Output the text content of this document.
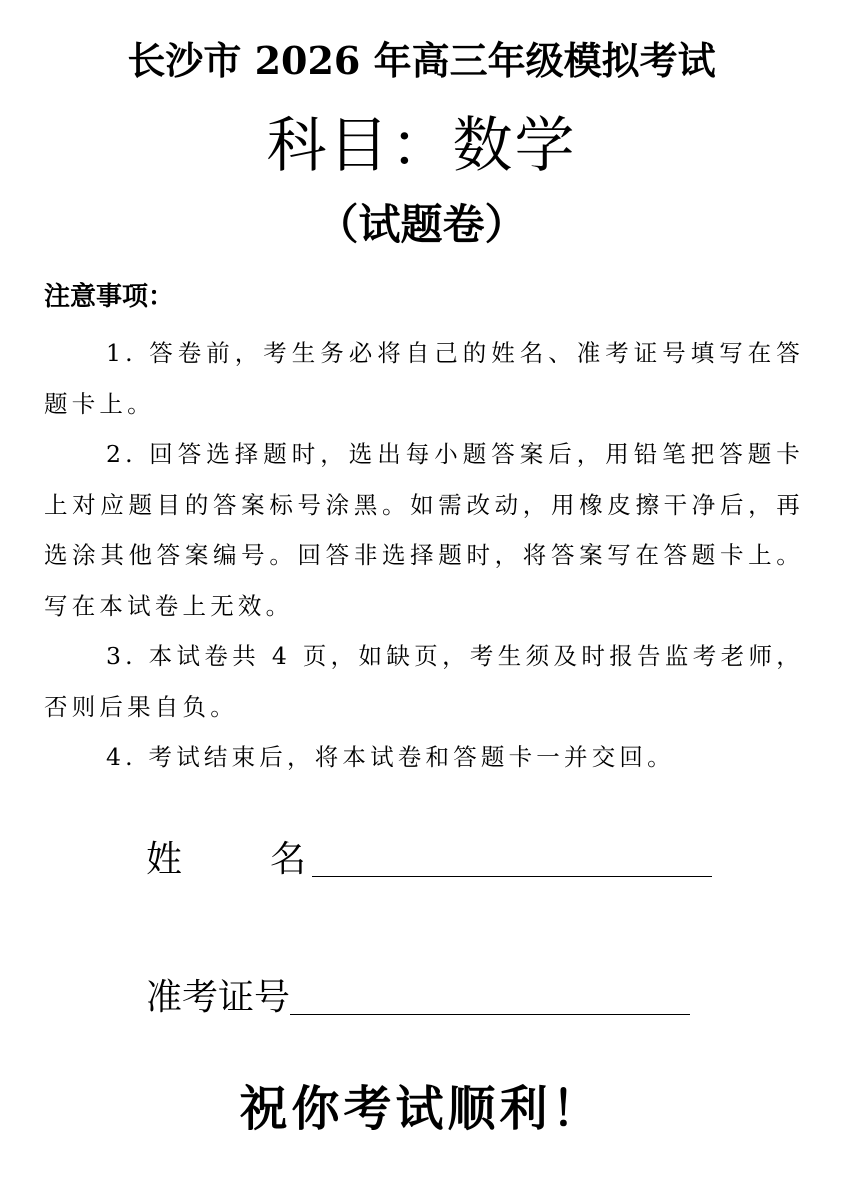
长沙市 2026 年高三年级模拟考试
科目：数学
（试题卷）
注意事项：

1. 答卷前，考生务必将自己的姓名、准考证号填写在答题卡上。

2. 回答选择题时，选出每小题答案后，用铅笔把答题卡上对应题目的答案标号涂黑。如需改动，用橡皮擦干净后，再选涂其他答案编号。回答非选择题时，将答案写在答题卡上。写在本试卷上无效。

3. 本试卷共 4 页，如缺页，考生须及时报告监考老师，否则后果自负。

4. 考试结束后，将本试卷和答题卡一并交回。

姓名
准考证号
祝你考试顺利！
